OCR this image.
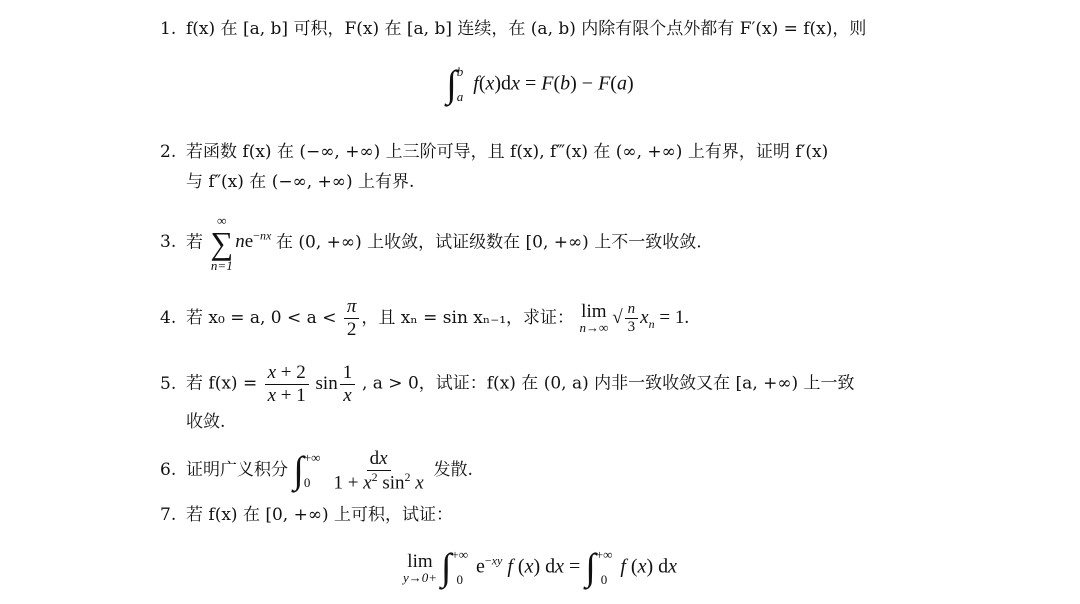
1. f(x) 在 [a, b] 可积，F(x) 在 [a, b] 连续，在 (a, b) 内除有限个点外都有 F′(x) = f(x)，则
∫ b
a
f(x)dx = F(b) − F(a)
2. 若函数 f(x) 在 (−∞, +∞) 上三阶可导，且 f(x), f‴(x) 在 (∞, +∞) 上有界，证明 f′(x)
与 f″(x) 在 (−∞, +∞) 上有界.
3. 若
∞
∑
n=1
$ne^{-nx}$ 在 (0, +∞) 上收敛，试证级数在 [0, +∞) 上不一致收敛.
4. 若 x₀ = a, $0 < a < \frac{\pi}{2}$ ，且 xₙ = sin xₙ₋₁，求证： lim
n→∞
√ $\frac{n}{3} x_n = 1$.
5. 若 $f(x) = \frac{x + 2}{x + 1}$ $\sin \frac{1}{x}$ , a > 0，试证：f(x) 在 (0, a) 内非一致收敛又在 [a, +∞) 上一致
收敛.
6. 证明广义积分 ∫ +∞
0	$\frac{dx}{1 + x^2 \sin^2 x}$ 发散.
7. 若 f(x) 在 [0, +∞) 上可积，试证：
lim
y→0+ ∫ +∞
0
$e^{-xy}$ f (x) dx = ∫ +∞
0
f (x) dx
